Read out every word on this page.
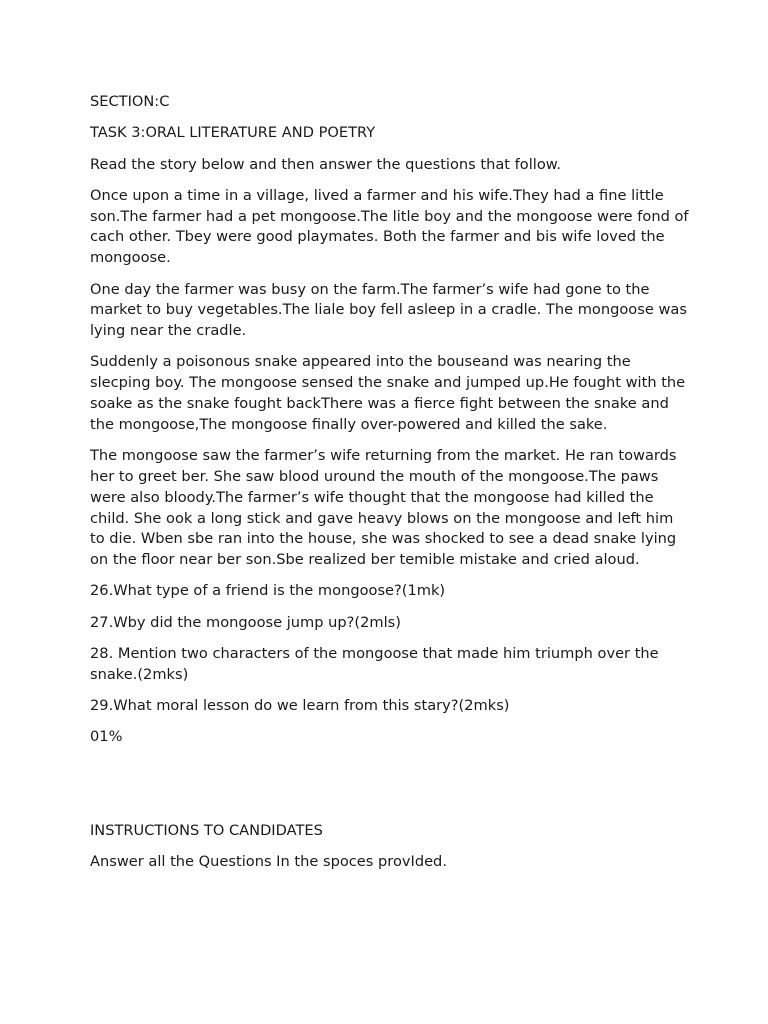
SECTION:C

TASK 3:ORAL LITERATURE AND POETRY

Read the story below and then answer the questions that follow.

Once upon a time in a village, lived a farmer and his wife.They had a fine little son.The farmer had a pet mongoose.The litle boy and the mongoose were fond of cach other. Tbey were good playmates. Both the farmer and bis wife loved the mongoose.

One day the farmer was busy on the farm.The farmer’s wife had gone to the market to buy vegetables.The liale boy fell asleep in a cradle. The mongoose was lying near the cradle.

Suddenly a poisonous snake appeared into the bouseand was nearing the slecping boy. The mongoose sensed the snake and jumped up.He fought with the soake as the snake fought backThere was a fierce fight between the snake and the mongoose,The mongoose finally over-powered and killed the sake.

The mongoose saw the farmer’s wife returning from the market. He ran towards her to greet ber. She saw blood uround the mouth of the mongoose.The paws were also bloody.The farmer’s wife thought that the mongoose had killed the child. She ook a long stick and gave heavy blows on the mongoose and left him to die. Wben sbe ran into the house, she was shocked to see a dead snake lying on the floor near ber son.Sbe realized ber temible mistake and cried aloud.

26.What type of a friend is the mongoose?(1mk)

27.Wby did the mongoose jump up?(2mls)

28. Mention two characters of the mongoose that made him triumph over the snake.(2mks)

29.What moral lesson do we learn from this stary?(2mks)

01%

INSTRUCTIONS TO CANDIDATES

Answer all the Questions In the spoces provIded.
